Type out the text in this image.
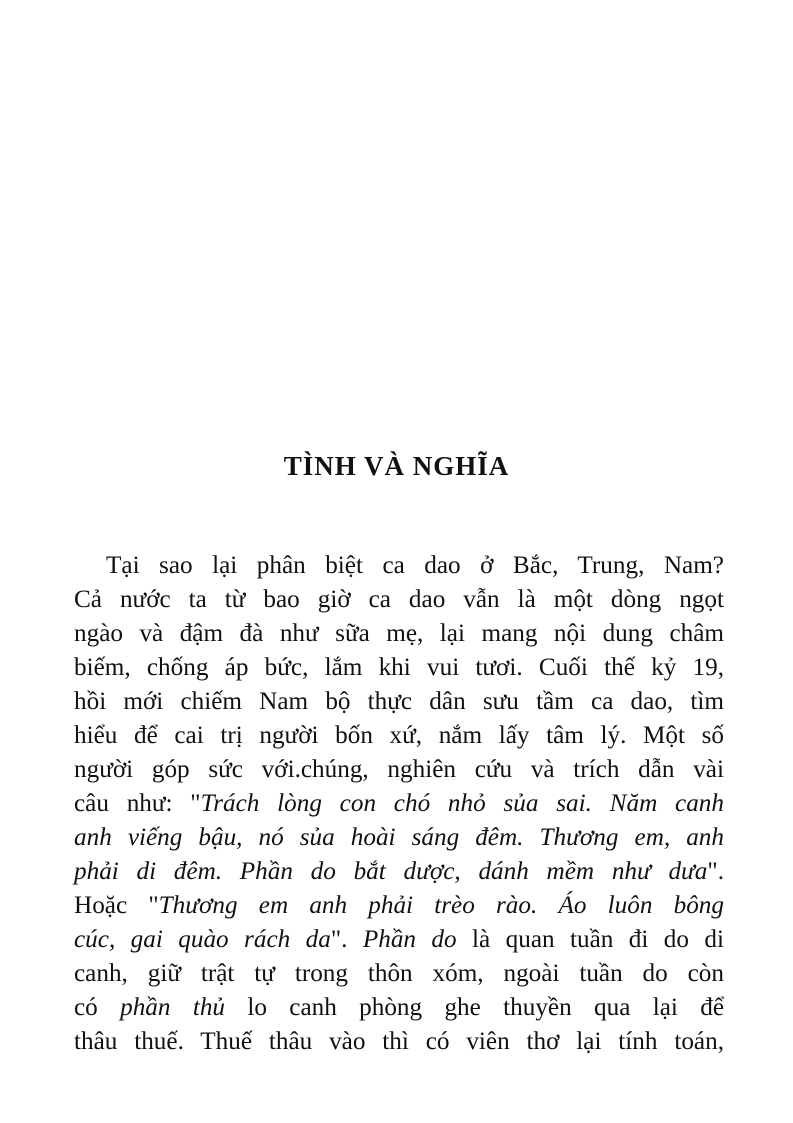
TÌNH VÀ NGHĨA
Tại sao lại phân biệt ca dao ở Bắc, Trung, Nam?
Cả nước ta từ bao giờ ca dao vẫn là một dòng ngọt
ngào và đậm đà như sữa mẹ, lại mang nội dung châm
biếm, chống áp bức, lắm khi vui tươi. Cuối thế kỷ 19,
hồi mới chiếm Nam bộ thực dân sưu tầm ca dao, tìm
hiểu để cai trị người bốn xứ, nắm lấy tâm lý. Một số
người góp sức với.chúng, nghiên cứu và trích dẫn vài
câu như: "Trách lòng con chó nhỏ sủa sai. Năm canh
anh viếng bậu, nó sủa hoài sáng đêm. Thương em, anh
phải di đêm. Phần do bắt dược, dánh mềm như dưa".
Hoặc "Thương em anh phải trèo rào. Áo luôn bông
cúc, gai quào rách da". Phần do là quan tuần đi do di
canh, giữ trật tự trong thôn xóm, ngoài tuần do còn
có phần thủ lo canh phòng ghe thuyền qua lại để
thâu thuế. Thuế thâu vào thì có viên thơ lại tính toán,
